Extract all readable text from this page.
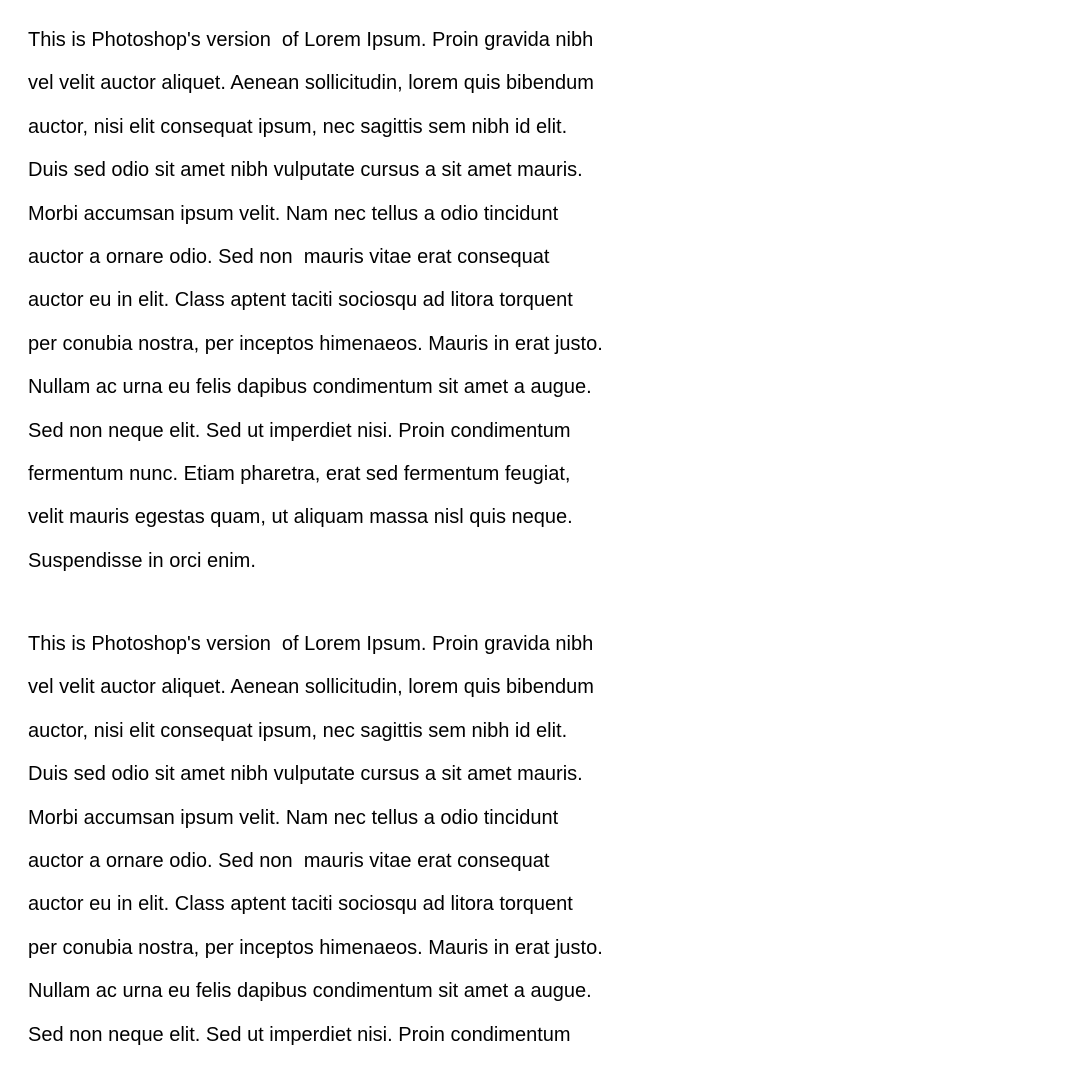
This is Photoshop's version  of Lorem Ipsum. Proin gravida nibh
vel velit auctor aliquet. Aenean sollicitudin, lorem quis bibendum
auctor, nisi elit consequat ipsum, nec sagittis sem nibh id elit.
Duis sed odio sit amet nibh vulputate cursus a sit amet mauris.
Morbi accumsan ipsum velit. Nam nec tellus a odio tincidunt
auctor a ornare odio. Sed non  mauris vitae erat consequat
auctor eu in elit. Class aptent taciti sociosqu ad litora torquent
per conubia nostra, per inceptos himenaeos. Mauris in erat justo.
Nullam ac urna eu felis dapibus condimentum sit amet a augue.
Sed non neque elit. Sed ut imperdiet nisi. Proin condimentum
fermentum nunc. Etiam pharetra, erat sed fermentum feugiat,
velit mauris egestas quam, ut aliquam massa nisl quis neque.
Suspendisse in orci enim.

This is Photoshop's version  of Lorem Ipsum. Proin gravida nibh
vel velit auctor aliquet. Aenean sollicitudin, lorem quis bibendum
auctor, nisi elit consequat ipsum, nec sagittis sem nibh id elit.
Duis sed odio sit amet nibh vulputate cursus a sit amet mauris.
Morbi accumsan ipsum velit. Nam nec tellus a odio tincidunt
auctor a ornare odio. Sed non  mauris vitae erat consequat
auctor eu in elit. Class aptent taciti sociosqu ad litora torquent
per conubia nostra, per inceptos himenaeos. Mauris in erat justo.
Nullam ac urna eu felis dapibus condimentum sit amet a augue.
Sed non neque elit. Sed ut imperdiet nisi. Proin condimentum
